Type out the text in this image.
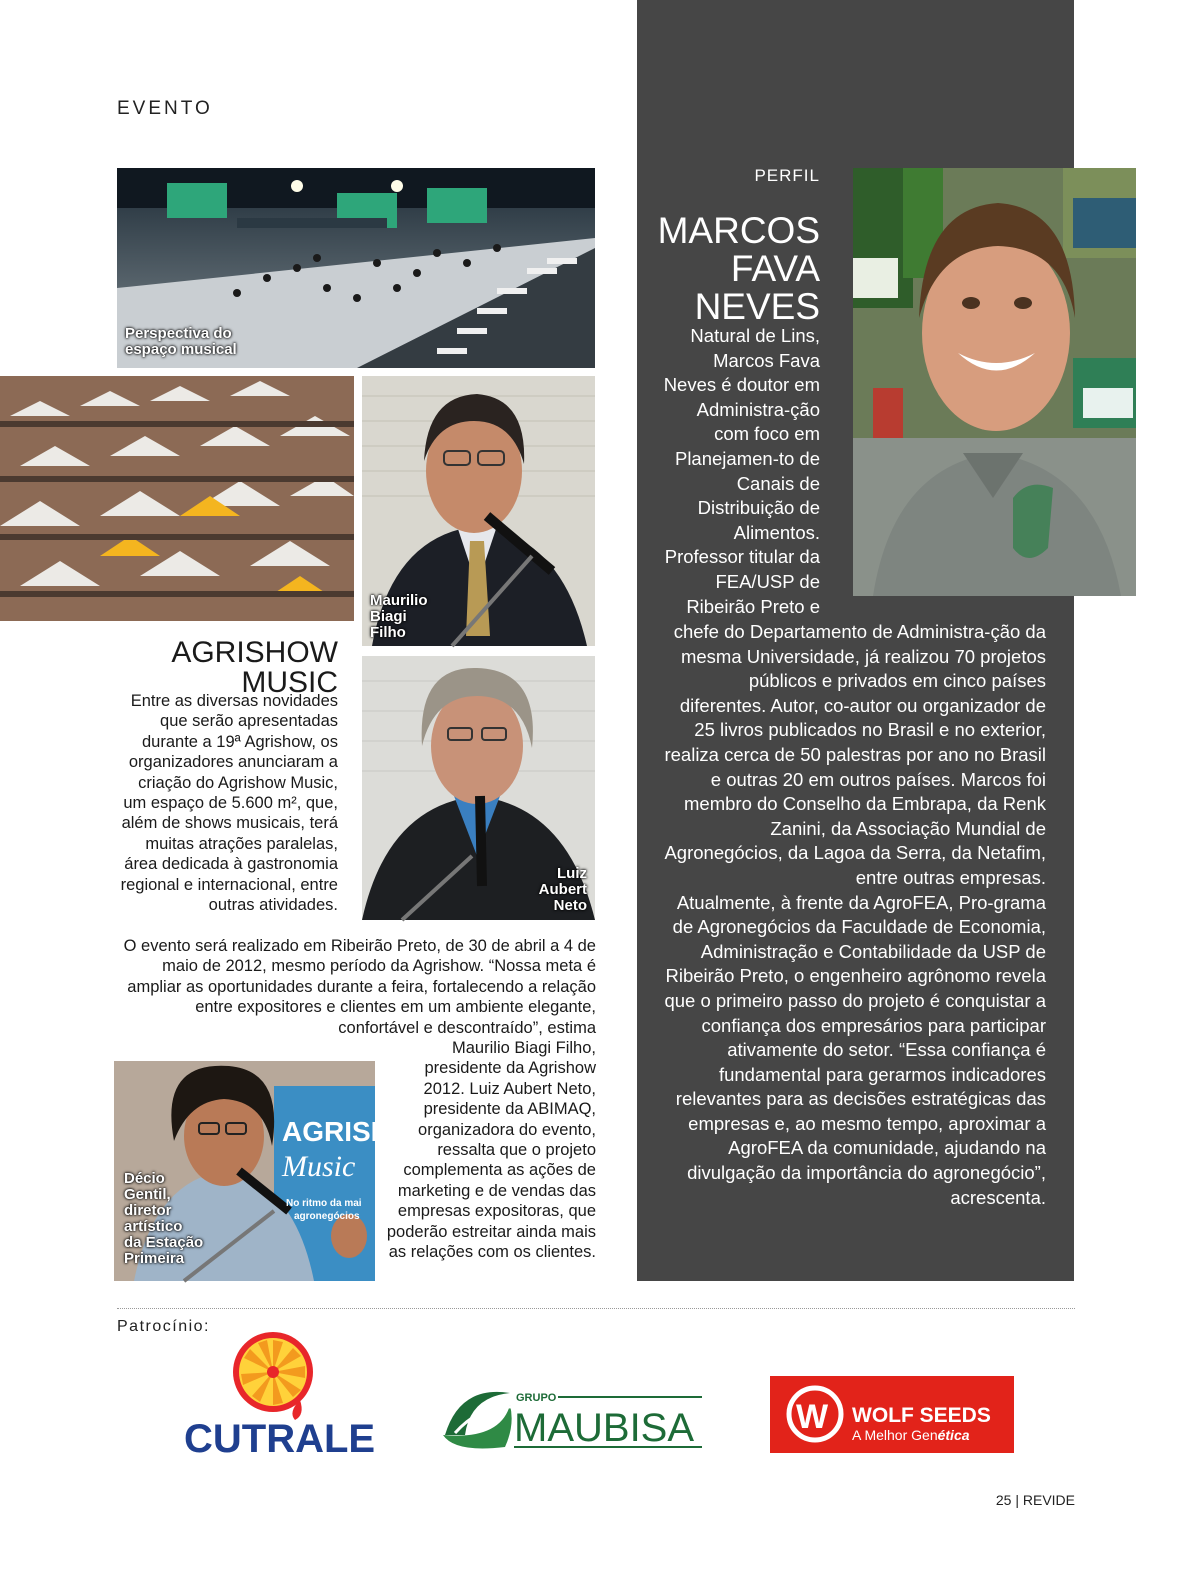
EVENTO
PERFIL
MARCOS
FAVA
NEVES
Natural de Lins, Marcos Fava Neves é doutor em Administra-ção com foco em Planejamen-to de Canais de Distribuição de Alimentos. Professor titular da FEA/USP de Ribeirão Preto e

chefe do Departamento de Administra-ção da mesma Universidade, já realizou 70 projetos públicos e privados em cinco países diferentes. Autor, co-autor ou organizador de 25 livros publicados no Brasil e no exterior, realiza cerca de 50 palestras por ano no Brasil e outras 20 em outros países. Marcos foi membro do Conselho da Embrapa, da Renk Zanini, da Associação Mundial de Agronegócios, da Lagoa da Serra, da Netafim, entre outras empresas.

Atualmente, à frente da AgroFEA, Pro-grama de Agronegócios da Faculdade de Economia, Administração e Contabilidade da USP de Ribeirão Preto, o engenheiro agrônomo revela que o primeiro passo do projeto é conquistar a confiança dos empresários para participar ativamente do setor. “Essa confiança é fundamental para gerarmos indicadores relevantes para as decisões estratégicas das empresas e, ao mesmo tempo, aproximar a AgroFEA da comunidade, ajudando na divulgação da importância do agronegócio”, acrescenta.

Perspectiva do
espaço musical
Maurilio
Biagi
Filho
Luiz
Aubert
Neto
AGRISHOW
MUSIC
Entre as diversas novidades que serão apresentadas durante a 19ª Agrishow, os organizadores anunciaram a criação do Agrishow Music, um espaço de 5.600 m², que, além de shows musicais, terá muitas atrações paralelas, área dedicada à gastronomia regional e internacional, entre outras atividades.
O evento será realizado em Ribeirão Preto, de 30 de abril a 4 de maio de 2012, mesmo período da Agrishow. “Nossa meta é ampliar as oportunidades durante a feira, fortalecendo a relação entre expositores e clientes em um ambiente elegante, confortável e descontraído”, estima
Maurilio Biagi Filho, presidente da Agrishow 2012. Luiz Aubert Neto, presidente da ABIMAQ, organizadora do evento, ressalta que o projeto complementa as ações de marketing e de vendas das empresas expositoras, que poderão estreitar ainda mais as relações com os clientes.
AGRISH
Music
No ritmo da mai
agronegócios
Décio
Gentil,
diretor
artístico
da Estação
Primeira
Patrocínio:
CUTRALE
GRUPO
MAUBISA	W WOLF SEEDS
A Melhor Genética
25 | REVIDE
